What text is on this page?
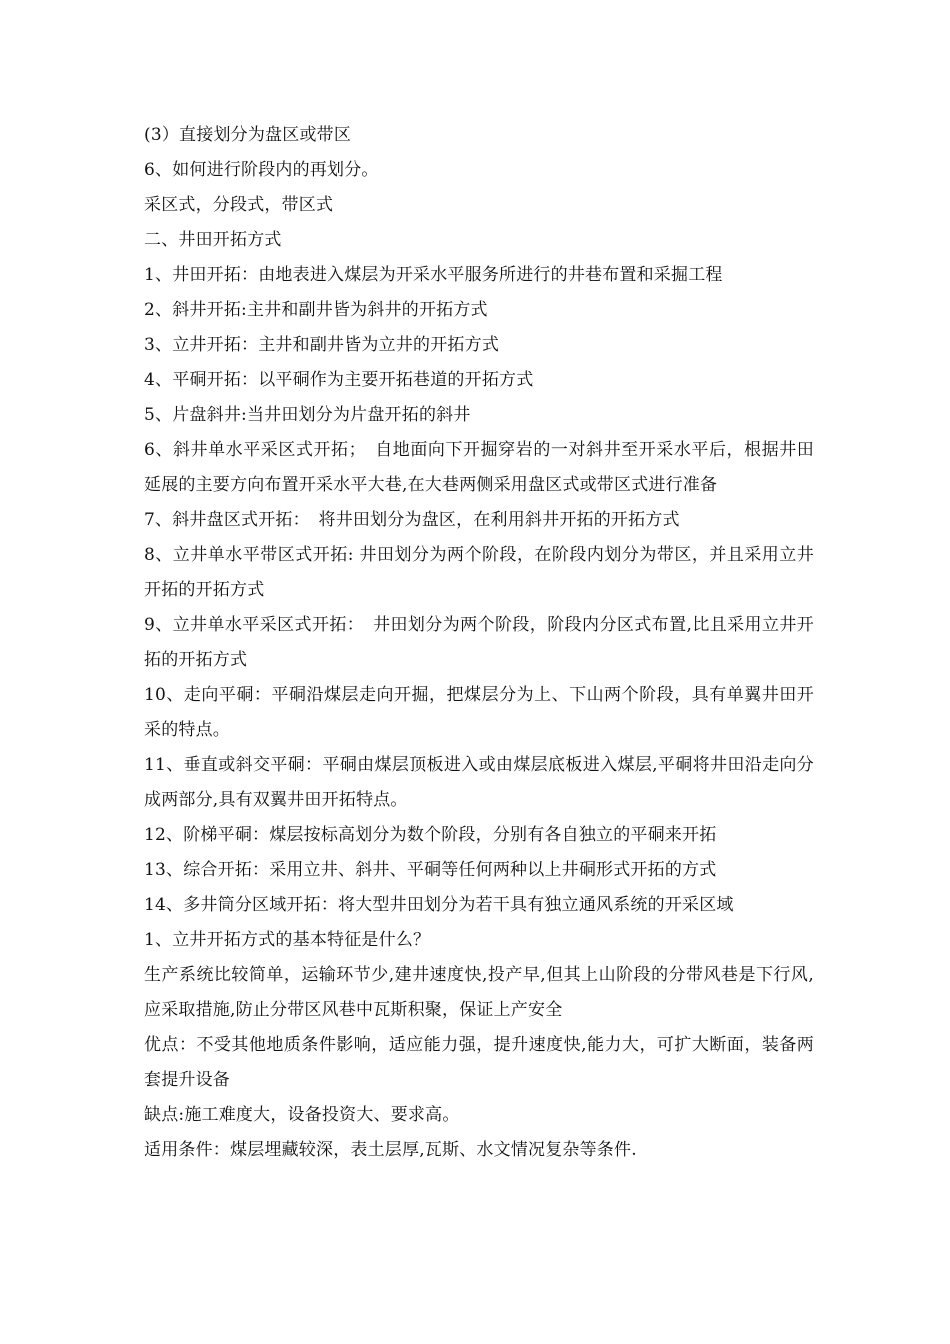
(3）直接划分为盘区或带区

6、如何进行阶段内的再划分。

采区式，分段式，带区式

二、井田开拓方式

1、井田开拓：由地表进入煤层为开采水平服务所进行的井巷布置和采掘工程

2、斜井开拓:主井和副井皆为斜井的开拓方式

3、立井开拓：主井和副井皆为立井的开拓方式

4、平硐开拓：以平硐作为主要开拓巷道的开拓方式

5、片盘斜井:当井田划分为片盘开拓的斜井

6、斜井单水平采区式开拓；　自地面向下开掘穿岩的一对斜井至开采水平后，根据井田延展的主要方向布置开采水平大巷,在大巷两侧采用盘区式或带区式进行准备

7、斜井盘区式开拓：　将井田划分为盘区，在利用斜井开拓的开拓方式

8、立井单水平带区式开拓: 井田划分为两个阶段，在阶段内划分为带区，并且采用立井开拓的开拓方式

9、立井单水平采区式开拓：　井田划分为两个阶段，阶段内分区式布置,比且采用立井开拓的开拓方式

10、走向平硐：平硐沿煤层走向开掘，把煤层分为上、下山两个阶段，具有单翼井田开采的特点。

11、垂直或斜交平硐：平硐由煤层顶板进入或由煤层底板进入煤层,平硐将井田沿走向分成两部分,具有双翼井田开拓特点。

12、阶梯平硐：煤层按标高划分为数个阶段，分别有各自独立的平硐来开拓

13、综合开拓：采用立井、斜井、平硐等任何两种以上井硐形式开拓的方式

14、多井筒分区域开拓：将大型井田划分为若干具有独立通风系统的开采区域

1、立井开拓方式的基本特征是什么？

生产系统比较简单，运输环节少,建井速度快,投产早,但其上山阶段的分带风巷是下行风,应采取措施,防止分带区风巷中瓦斯积聚，保证上产安全

优点：不受其他地质条件影响，适应能力强，提升速度快,能力大，可扩大断面，装备两套提升设备

缺点:施工难度大，设备投资大、要求高。

适用条件：煤层埋藏较深，表土层厚,瓦斯、水文情况复杂等条件.
